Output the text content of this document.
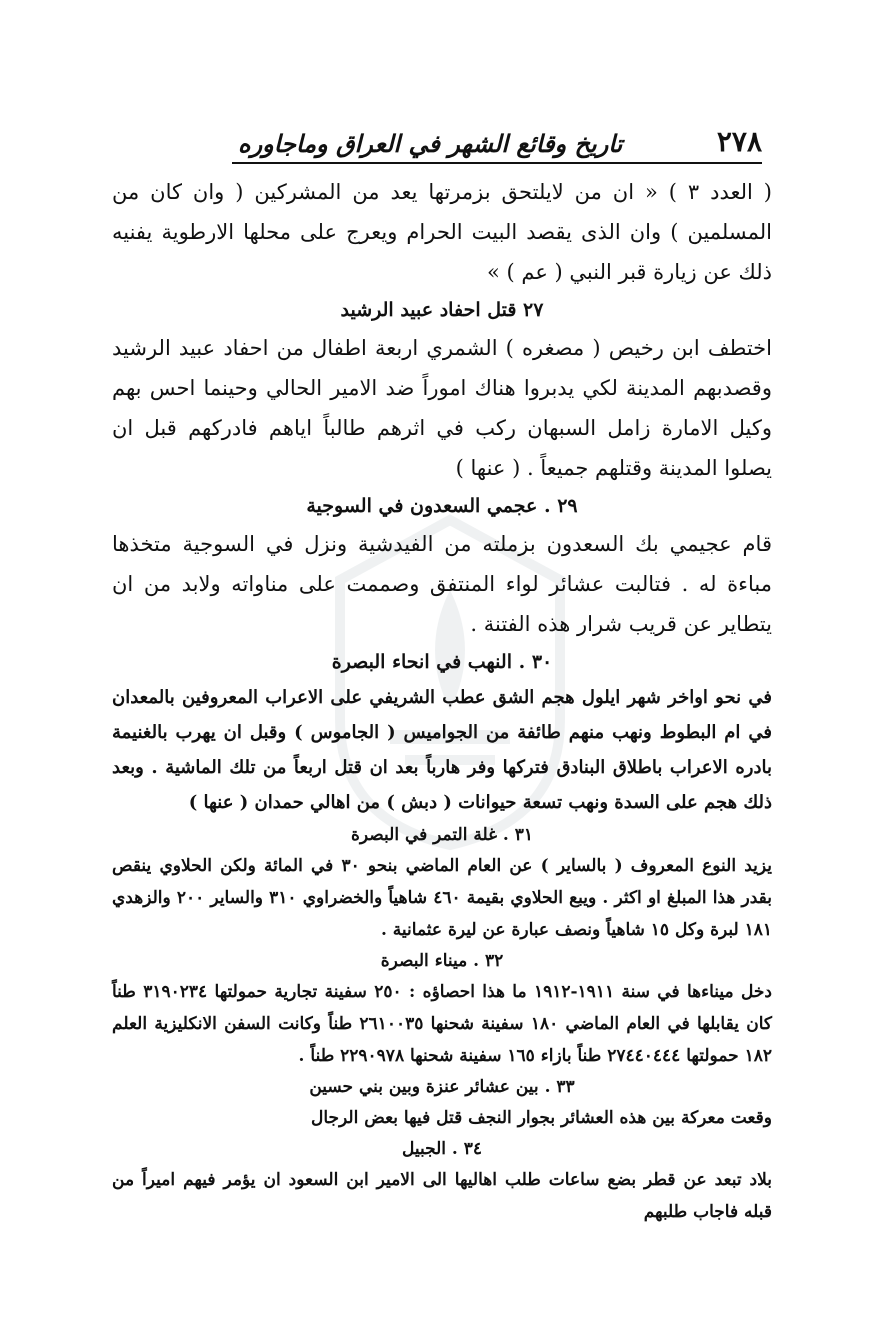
٢٧٨
تاريخ وقائع الشهر في العراق وماجاوره

( العدد ٣ ) « ان من لايلتحق بزمرتها يعد من المشركين ( وان كان من المسلمين ) وان الذى يقصد البيت الحرام ويعرج على محلها الارطوية يفنيه ذلك عن زيارة قبر النبي ( عم ) »

٢٧ قتل احفاد عبيد الرشيد

اختطف ابن رخيص ( مصغره ) الشمري اربعة اطفال من احفاد عبيد الرشيد وقصدبهم المدينة لكي يدبروا هناك اموراً ضد الامير الحالي وحينما احس بهم وكيل الامارة زامل السبهان ركب في اثرهم طالباً اياهم فادركهم قبل ان يصلوا المدينة وقتلهم جميعاً . ( عنها )

٢٩ . عجمي السعدون في السوجية

قام عجيمي بك السعدون بزملته من الفيدشية ونزل في السوجية متخذها مباءة له . فتالبت عشائر لواء المنتفق وصممت على مناواته ولابد من ان يتطاير عن قريب شرار هذه الفتنة .

٣٠ . النهب في انحاء البصرة

في نحو اواخر شهر ايلول هجم الشق عطب الشريفي على الاعراب المعروفين بالمعدان في ام البطوط ونهب منهم طائفة من الجواميس ( الجاموس ) وقبل ان يهرب بالغنيمة بادره الاعراب باطلاق البنادق فتركها وفر هارباً بعد ان قتل اربعاً من تلك الماشية . وبعد ذلك هجم على السدة ونهب تسعة حيوانات ( دبش ) من اهالي حمدان ( عنها )

٣١ . غلة التمر في البصرة

يزيد النوع المعروف ( بالساير ) عن العام الماضي بنحو ٣٠ في المائة ولكن الحلاوي ينقص بقدر هذا المبلغ او اكثر . ويبع الحلاوي بقيمة ٤٦٠ شاهياً والخضراوي ٣١٠ والساير ٢٠٠ والزهدي ١٨١ لبرة وكل ١٥ شاهياً ونصف عبارة عن ليرة عثمانية .

٣٢ . ميناء البصرة

دخل ميناءها في سنة ١٩١١-١٩١٢ ما هذا احصاؤه : ٢٥٠ سفينة تجارية حمولتها ٣١٩٠٢٣٤ طناً كان يقابلها في العام الماضي ١٨٠ سفينة شحنها ٢٦١٠٠٣٥ طناً وكانت السفن الانكليزية العلم ١٨٢ حمولتها ٢٧٤٤٠٤٤٤ طناً بازاء ١٦٥ سفينة شحنها ٢٢٩٠٩٧٨ طناً .

٣٣ . بين عشائر عنزة وبين بني حسين

وقعت معركة بين هذه العشائر بجوار النجف قتل فيها بعض الرجال

٣٤ . الجبيل

بلاد تبعد عن قطر بضع ساعات طلب اهاليها الى الامير ابن السعود ان يؤمر فيهم اميراً من قبله فاجاب طلبهم
